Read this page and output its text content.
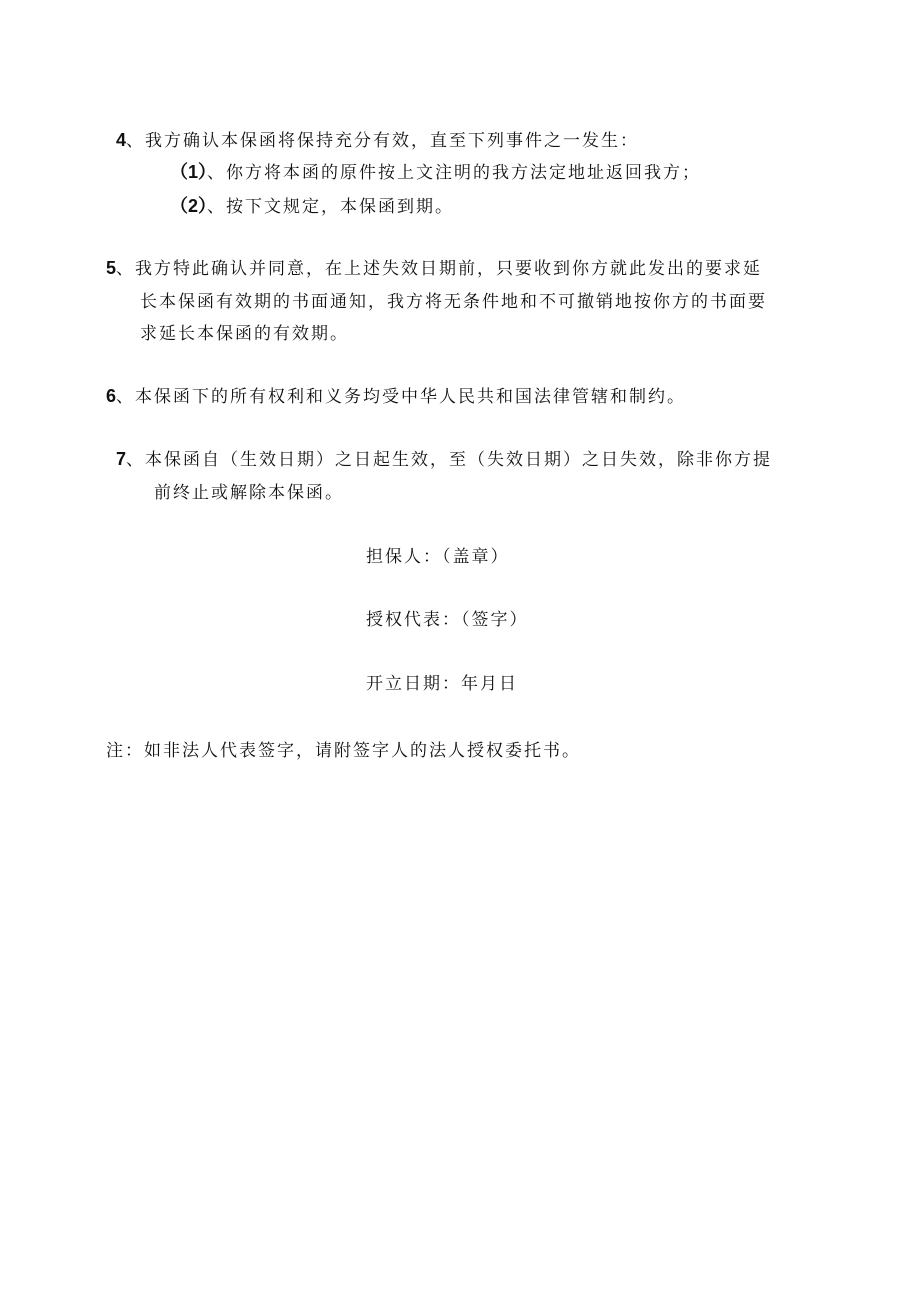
4、我方确认本保函将保持充分有效，直至下列事件之一发生：
（1）、你方将本函的原件按上文注明的我方法定地址返回我方；
（2）、按下文规定，本保函到期。
5、我方特此确认并同意，在上述失效日期前，只要收到你方就此发出的要求延
长本保函有效期的书面通知，我方将无条件地和不可撤销地按你方的书面要
求延长本保函的有效期。
6、本保函下的所有权利和义务均受中华人民共和国法律管辖和制约。
7、本保函自（生效日期）之日起生效，至（失效日期）之日失效，除非你方提
前终止或解除本保函。
担保人：（盖章）
授权代表：（签字）
开立日期：年月日
注：如非法人代表签字，请附签字人的法人授权委托书。
